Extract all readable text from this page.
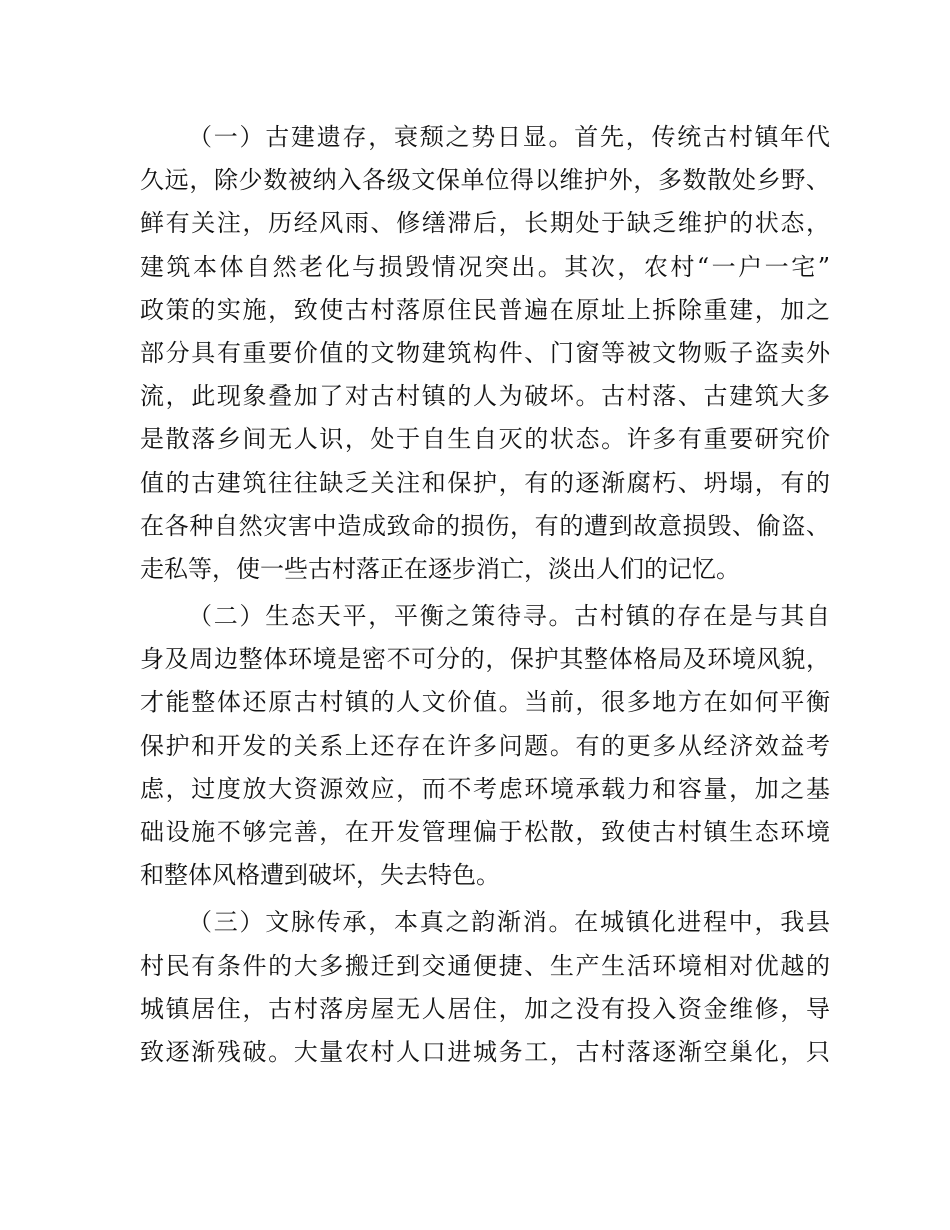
（一）古建遗存，衰颓之势日显。首先，传统古村镇年代
久远，除少数被纳入各级文保单位得以维护外，多数散处乡野、
鲜有关注，历经风雨、修缮滞后，长期处于缺乏维护的状态，
建筑本体自然老化与损毁情况突出。其次，农村“一户一宅”
政策的实施，致使古村落原住民普遍在原址上拆除重建，加之
部分具有重要价值的文物建筑构件、门窗等被文物贩子盗卖外
流，此现象叠加了对古村镇的人为破坏。古村落、古建筑大多
是散落乡间无人识，处于自生自灭的状态。许多有重要研究价
值的古建筑往往缺乏关注和保护，有的逐渐腐朽、坍塌，有的
在各种自然灾害中造成致命的损伤，有的遭到故意损毁、偷盗、
走私等，使一些古村落正在逐步消亡，淡出人们的记忆。
（二）生态天平，平衡之策待寻。古村镇的存在是与其自
身及周边整体环境是密不可分的，保护其整体格局及环境风貌，
才能整体还原古村镇的人文价值。当前，很多地方在如何平衡
保护和开发的关系上还存在许多问题。有的更多从经济效益考
虑，过度放大资源效应，而不考虑环境承载力和容量，加之基
础设施不够完善，在开发管理偏于松散，致使古村镇生态环境
和整体风格遭到破坏，失去特色。
（三）文脉传承，本真之韵渐消。在城镇化进程中，我县
村民有条件的大多搬迁到交通便捷、生产生活环境相对优越的
城镇居住，古村落房屋无人居住，加之没有投入资金维修，导
致逐渐残破。大量农村人口进城务工，古村落逐渐空巢化，只
